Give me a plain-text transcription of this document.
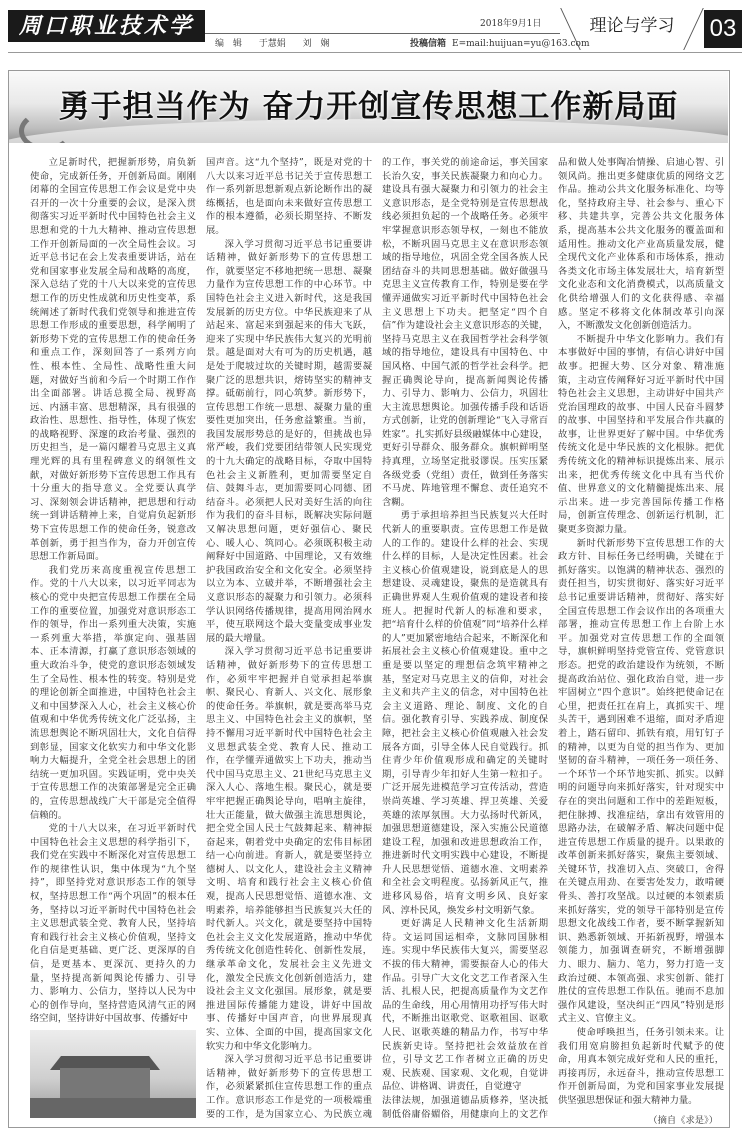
周口职业技术学院
2018年9月1日
编 辑 于慧娟 刘 娴	投稿信箱 E=mail:huijuan=yu@163.com
理论与学习	03
勇于担当作为 奋力开创宣传思想工作新局面

立足新时代，把握新形势，肩负新使命，完成新任务，开创新局面。刚刚闭幕的全国宣传思想工作会议是党中央召开的一次十分重要的会议，是深入贯彻落实习近平新时代中国特色社会主义思想和党的十九大精神、推动宣传思想工作开创新局面的一次全局性会议。习近平总书记在会上发表重要讲话，站在党和国家事业发展全局和战略的高度，深入总结了党的十八大以来党的宣传思想工作的历史性成就和历史性变革，系统阐述了新时代我们党领导和推进宣传思想工作形成的重要思想，科学阐明了新形势下党的宣传思想工作的使命任务和重点工作，深刻回答了一系列方向性、根本性、全局性、战略性重大问题，对做好当前和今后一个时期工作作出全面部署。讲话总揽全局、视野高远、内涵丰富、思想精深，具有很强的政治性、思想性、指导性，体现了恢宏的战略视野、深邃的政治考量、强烈的历史担当，是一篇闪耀着马克思主义真理光辉的具有里程碑意义的纲领性文献，对做好新形势下宣传思想工作具有十分重大的指导意义。全党要认真学习、深刻领会讲话精神，把思想和行动统一到讲话精神上来，自觉肩负起新形势下宣传思想工作的使命任务，锐意改革创新，勇于担当作为，奋力开创宣传思想工作新局面。

我们党历来高度重视宣传思想工作。党的十八大以来，以习近平同志为核心的党中央把宣传思想工作摆在全局工作的重要位置，加强党对意识形态工作的领导，作出一系列重大决策，实施一系列重大举措，举旗定向、强基固本、正本清源，打赢了意识形态领域的重大政治斗争，使党的意识形态领域发生了全局性、根本性的转变。特别是党的理论创新全面推进，中国特色社会主义和中国梦深入人心，社会主义核心价值观和中华优秀传统文化广泛弘扬，主流思想舆论不断巩固壮大，文化自信得到彰显，国家文化软实力和中华文化影响力大幅提升，全党全社会思想上的团结统一更加巩固。实践证明，党中央关于宣传思想工作的决策部署是完全正确的，宣传思想战线广大干部是完全值得信赖的。

党的十八大以来，在习近平新时代中国特色社会主义思想的科学指引下，我们党在实践中不断深化对宣传思想工作的规律性认识，集中体现为“九个坚持”，即坚持党对意识形态工作的领导权，坚持思想工作“两个巩固”的根本任务，坚持以习近平新时代中国特色社会主义思想武装全党、教育人民，坚持培育和践行社会主义核心价值观，坚持文化自信是更基础、更广泛、更深厚的自信，是更基本、更深沉、更持久的力量，坚持提高新闻舆论传播力、引导力、影响力、公信力，坚持以人民为中心的创作导向，坚持营造风清气正的网络空间，坚持讲好中国故事、传播好中

国声音。这“九个坚持”，既是对党的十八大以来习近平总书记关于宣传思想工作一系列新思想新观点新论断作出的凝练概括，也是面向未来做好宣传思想工作的根本遵循，必须长期坚持、不断发展。

深入学习贯彻习近平总书记重要讲话精神，做好新形势下的宣传思想工作，就要坚定不移地把统一思想、凝聚力量作为宣传思想工作的中心环节。中国特色社会主义进入新时代，这是我国发展新的历史方位。中华民族迎来了从站起来、富起来到强起来的伟大飞跃，迎来了实现中华民族伟大复兴的光明前景。越是面对大有可为的历史机遇，越是处于爬坡过坎的关键时期，越需要凝聚广泛的思想共识，熔铸坚实的精神支撑。砥砺前行，同心筑梦。新形势下，宣传思想工作统一思想、凝聚力量的重要性更加突出，任务愈益繁重。当前，我国发展形势总的是好的，但挑战也异常严峻，我们党要团结带领人民实现党的十九大确定的战略目标，夺取中国特色社会主义新胜利，更加需要坚定自信、鼓舞斗志，更加需要同心同德、团结奋斗。必须把人民对美好生活的向往作为我们的奋斗目标，既解决实际问题又解决思想问题，更好强信心、聚民心、暖人心、筑同心。必须既积极主动阐释好中国道路、中国理论，又有效维护我国政治安全和文化安全。必须坚持以立为本、立破并举，不断增强社会主义意识形态的凝聚力和引领力。必须科学认识网络传播规律，提高用网治网水平，使互联网这个最大变量变成事业发展的最大增量。

深入学习贯彻习近平总书记重要讲话精神，做好新形势下的宣传思想工作，必须牢牢把握并自觉承担起举旗帜、聚民心、育新人、兴文化、展形象的使命任务。举旗帜，就是要高举马克思主义、中国特色社会主义的旗帜，坚持不懈用习近平新时代中国特色社会主义思想武装全党、教育人民、推动工作，在学懂弄通做实上下功夫，推动当代中国马克思主义、21世纪马克思主义深入人心、落地生根。聚民心，就是要牢牢把握正确舆论导向，唱响主旋律，壮大正能量，做大做强主流思想舆论，把全党全国人民士气鼓舞起来、精神振奋起来，朝着党中央确定的宏伟目标团结一心向前进。育新人，就是要坚持立德树人、以文化人，建设社会主义精神文明、培育和践行社会主义核心价值观，提高人民思想觉悟、道德水准、文明素养，培养能够担当民族复兴大任的时代新人。兴文化，就是要坚持中国特色社会主义文化发展道路，推动中华优秀传统文化创造性转化、创新性发展，继承革命文化，发展社会主义先进文化，激发全民族文化创新创造活力，建设社会主义文化强国。展形象，就是要推进国际传播能力建设，讲好中国故事、传播好中国声音，向世界展现真实、立体、全面的中国，提高国家文化软实力和中华文化影响力。

深入学习贯彻习近平总书记重要讲话精神，做好新形势下的宣传思想工作，必须紧紧抓住宣传思想工作的重点工作。意识形态工作是党的一项极端重要的工作，是为国家立心、为民族立魂的工作，事关党的前途命运，事关国家长治久安，事关民族凝聚力和向心力。建设具有强大凝聚力和引领力的社会主义意识形态，是全党特别是宣传思想战线必须担负起的一个战略任务。必须牢牢掌握意识形态领导权，一刻也不能放松，不断巩固马克思主义在意识形态领域的指导地位，巩固全党全国各族人民团结奋斗的共同思想基础。做好做强马克思主义宣传教育工作，特别是要在学懂弄通做实习近平新时代中国特色社会主义思想上下功夫。把坚定“四个自信”作为建设社会主义意识形态的关键，坚持马克思主义在我国哲学社会科学领域的指导地位，建设具有中国特色、中国风格、中国气派的哲学社会科学。把握正确舆论导向，提高新闻舆论传播力、引导力、影响力、公信力，巩固壮大主流思想舆论。加强传播手段和话语方式创新，让党的创新理论“飞入寻常百姓家”。扎实抓好县级融媒体中心建设，更好引导群众、服务群众。旗帜鲜明坚持真理，立场坚定批驳谬误。压实压紧各级党委（党组）责任，做到任务落实不马虎、阵地管理不懈怠、责任追究不含糊。

勇于承担培养担当民族复兴大任时代新人的重要职责。宣传思想工作是做人的工作的。建设什么样的社会、实现什么样的目标，人是决定性因素。社会主义核心价值观建设，说到底是人的思想建设、灵魂建设，聚焦的是造就具有正确世界观人生观价值观的建设者和接班人。把握时代新人的标准和要求，把“培育什么样的价值观”同“培养什么样的人”更加紧密地结合起来，不断深化和拓展社会主义核心价值观建设。重中之重是要以坚定的理想信念筑牢精神之基，坚定对马克思主义的信仰，对社会主义和共产主义的信念，对中国特色社会主义道路、理论、制度、文化的自信。强化教育引导、实践养成、制度保障，把社会主义核心价值观融入社会发展各方面，引导全体人民自觉践行。抓住青少年价值观形成和确定的关键时期，引导青少年扣好人生第一粒扣子。广泛开展先进模范学习宣传活动，营造崇尚英雄、学习英雄、捍卫英雄、关爱英雄的浓厚氛围。大力弘扬时代新风，加强思想道德建设，深入实施公民道德建设工程，加强和改进思想政治工作，推进新时代文明实践中心建设，不断提升人民思想觉悟、道德水准、文明素养和全社会文明程度。弘扬新风正气，推进移风易俗，培育文明乡风、良好家风、淳朴民风，焕发乡村文明新气象。

更好满足人民精神文化生活新期待。文运同国运相牵，文脉同国脉相连。实现中华民族伟大复兴，需要坚忍不拔的伟大精神，需要振奋人心的伟大作品。引导广大文化文艺工作者深入生活、扎根人民，把提高质量作为文艺作品的生命线，用心用情用功抒写伟大时代，不断推出讴歌党、讴歌祖国、讴歌人民、讴歌英雄的精品力作，书写中华民族新史诗。坚持把社会效益放在首位，引导文艺工作者树立正确的历史观、民族观、国家观、文化观，自觉讲品位、讲格调、讲责任，自觉遵守

法律法规，加强道德品质修养，坚决抵制低俗庸俗媚俗，用健康向上的文艺作品和做人处事陶冶情操、启迪心智、引领风尚。推出更多健康优质的网络文艺作品。推动公共文化服务标准化、均等化，坚持政府主导、社会参与、重心下移、共建共享，完善公共文化服务体系，提高基本公共文化服务的覆盖面和适用性。推动文化产业高质量发展，健全现代文化产业体系和市场体系，推动各类文化市场主体发展壮大，培育新型文化业态和文化消费模式，以高质量文化供给增强人们的文化获得感、幸福感。坚定不移将文化体制改革引向深入，不断激发文化创新创造活力。

不断提升中华文化影响力。我们有本事做好中国的事情，有信心讲好中国故事。把握大势、区分对象、精准施策，主动宣传阐释好习近平新时代中国特色社会主义思想，主动讲好中国共产党治国理政的故事、中国人民奋斗圆梦的故事、中国坚持和平发展合作共赢的故事，让世界更好了解中国。中华优秀传统文化是中华民族的文化根脉。把优秀传统文化的精神标识提炼出来、展示出来，把优秀传统文化中具有当代价值、世界意义的文化精髓提炼出来、展示出来。进一步完善国际传播工作格局，创新宣传理念、创新运行机制，汇聚更多资源力量。

新时代新形势下宣传思想工作的大政方针、目标任务已经明确，关键在于抓好落实。以饱满的精神状态、强烈的责任担当，切实贯彻好、落实好习近平总书记重要讲话精神，贯彻好、落实好全国宣传思想工作会议作出的各项重大部署，推动宣传思想工作上台阶上水平。加强党对宣传思想工作的全面领导，旗帜鲜明坚持党管宣传、党管意识形态。把党的政治建设作为统领，不断提高政治站位、强化政治自觉，进一步牢固树立“四个意识”。始终把使命记在心里，把责任扛在肩上，真抓实干、埋头苦干，遇到困难不退缩，面对矛盾迎着上，踏石留印、抓铁有痕，用钉钉子的精神，以更为自觉的担当作为、更加坚韧的奋斗精神，一项任务一项任务、一个环节一个环节地实抓、抓实。以鲜明的问题导向来抓好落实，针对现实中存在的突出问题和工作中的差距短板，把住脉搏、找准症结，拿出有效管用的思路办法，在破解矛盾、解决问题中促进宣传思想工作质量的提升。以果敢的改革创新来抓好落实，聚焦主要领域、关键环节，找准切入点、突破口，舍得在关键点用劲、在要害处发力，敢啃硬骨头、善打攻坚战。以过硬的本领素质来抓好落实，党的领导干部特别是宣传思想文化战线工作者，要不断掌握新知识、熟悉新领域、开拓新视野，增强本领能力，加强调查研究，不断增强脚力、眼力、脑力、笔力，努力打造一支政治过硬、本领高强、求实创新、能打胜仗的宣传思想工作队伍。驰而不息加强作风建设，坚决纠正“四风”特别是形式主义、官僚主义。

使命呼唤担当，任务引领未来。让我们用宽肩膀担负起新时代赋予的使命，用真本领完成好党和人民的重托，再接再厉，永远奋斗，推动宣传思想工作开创新局面，为党和国家事业发展提供坚强思想保证和强大精神力量。

（摘自《求是》）
